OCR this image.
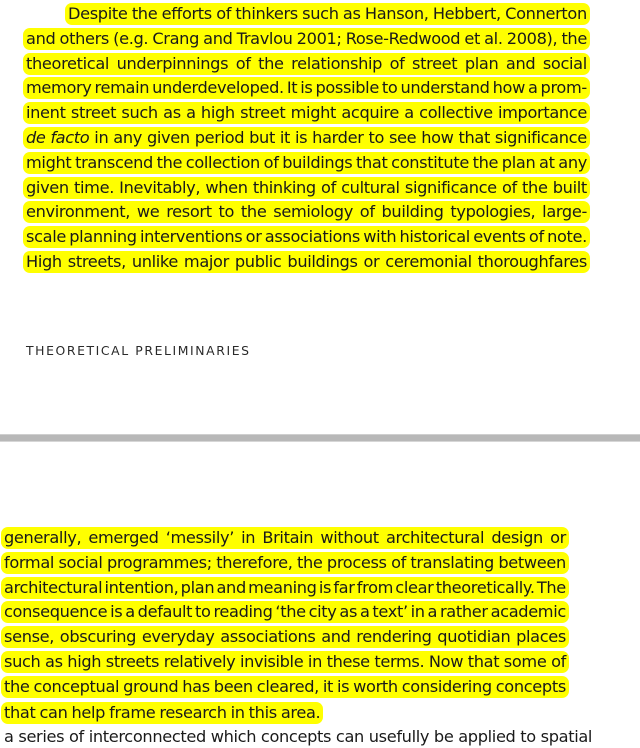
Despite the efforts of thinkers such as Hanson, Hebbert, Connerton
and others (e.g. Crang and Travlou 2001; Rose-Redwood et al. 2008), the
theoretical underpinnings of the relationship of street plan and social
memory remain underdeveloped. It is possible to understand how a prom-
inent street such as a high street might acquire a collective importance
de facto in any given period but it is harder to see how that significance
might transcend the collection of buildings that constitute the plan at any
given time. Inevitably, when thinking of cultural significance of the built
environment, we resort to the semiology of building typologies, large-
scale planning interventions or associations with historical events of note.
High streets, unlike major public buildings or ceremonial thoroughfares
THEORETICAL PRELIMINARIES
generally, emerged ‘messily’ in Britain without architectural design or
formal social programmes; therefore, the process of translating between
architectural intention, plan and meaning is far from clear theoretically. The
consequence is a default to reading ‘the city as a text’ in a rather academic
sense, obscuring everyday associations and rendering quotidian places
such as high streets relatively invisible in these terms. Now that some of
the conceptual ground has been cleared, it is worth considering concepts
that can help frame research in this area.
a series of interconnected which concepts can usefully be applied to spatial
